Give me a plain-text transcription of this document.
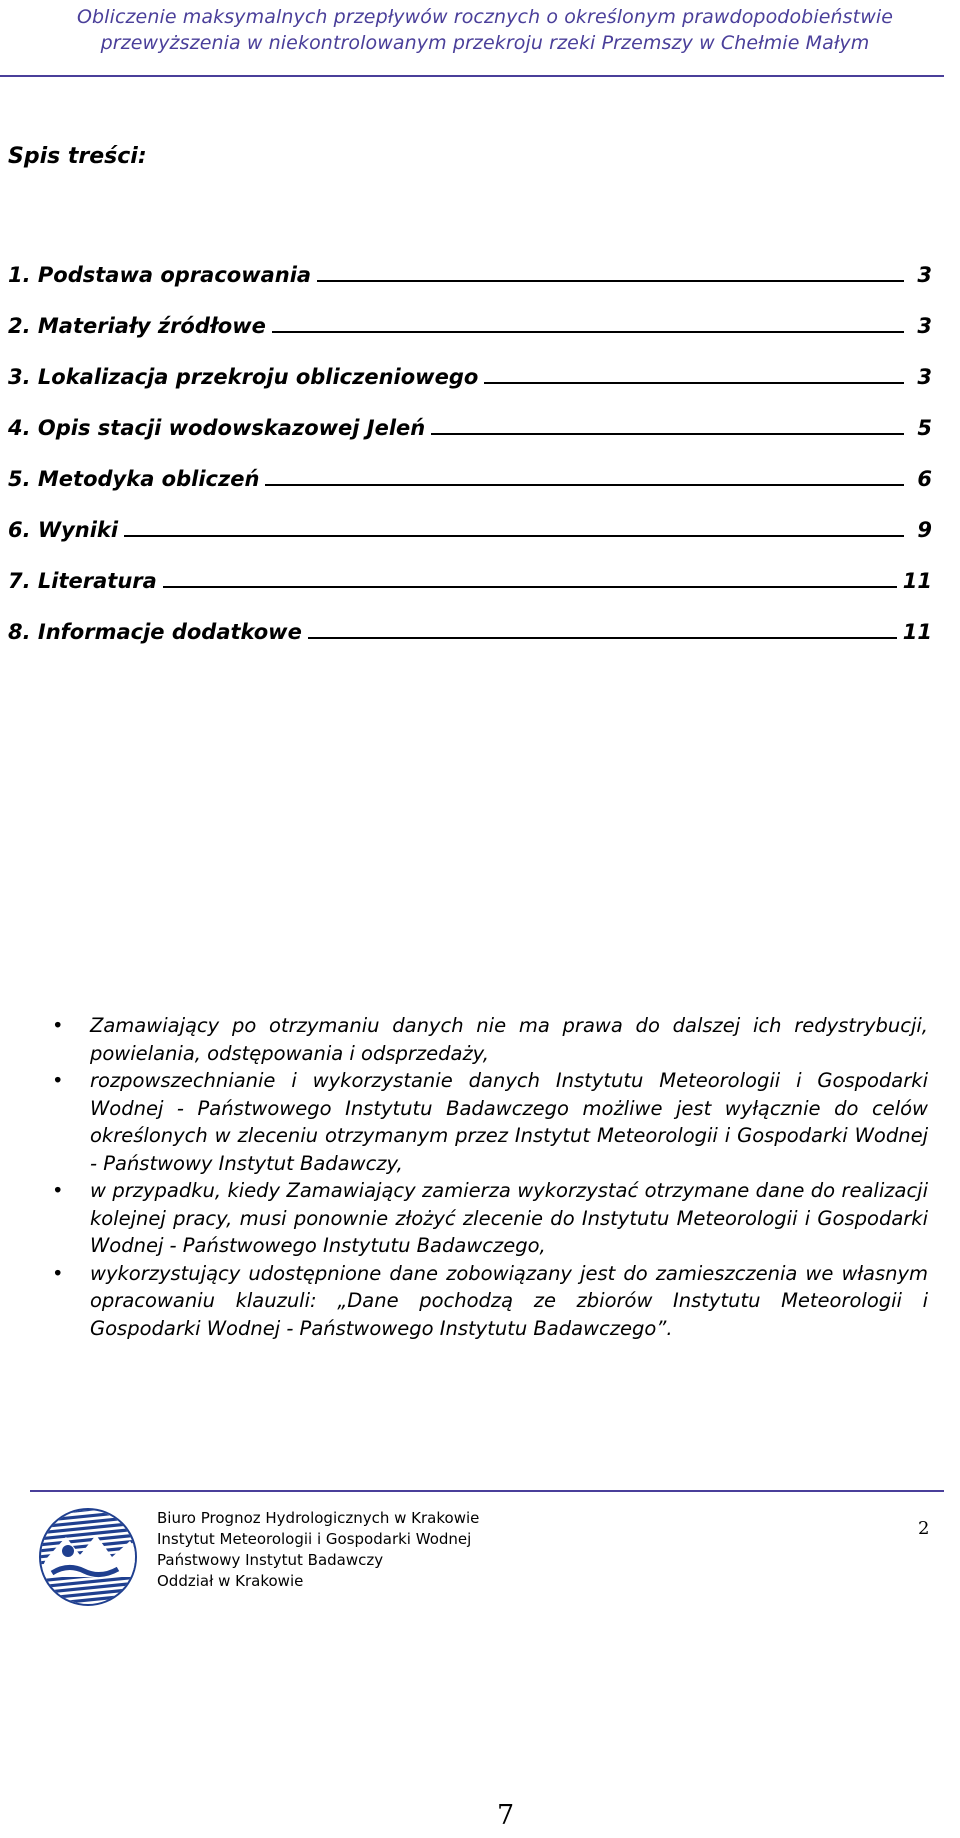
Obliczenie maksymalnych przepływów rocznych o określonym prawdopodobieństwie
przewyższenia w niekontrolowanym przekroju rzeki Przemszy w Chełmie Małym
Spis treści:
1. Podstawa opracowania	3
2. Materiały źródłowe	3
3. Lokalizacja przekroju obliczeniowego	3
4. Opis stacji wodowskazowej Jeleń	5
5. Metodyka obliczeń	6
6. Wyniki	9
7. Literatura	11
8. Informacje dodatkowe	11
• Zamawiający po otrzymaniu danych nie ma prawa do dalszej ich redystrybucji, powielania, odstępowania i odsprzedaży,
• rozpowszechnianie i wykorzystanie danych Instytutu Meteorologii i Gospodarki Wodnej - Państwowego Instytutu Badawczego możliwe jest wyłącznie do celów określonych w zleceniu otrzymanym przez Instytut Meteorologii i Gospodarki Wodnej - Państwowy Instytut Badawczy,
• w przypadku, kiedy Zamawiający zamierza wykorzystać otrzymane dane do realizacji kolejnej pracy, musi ponownie złożyć zlecenie do Instytutu Meteorologii i Gospodarki Wodnej - Państwowego Instytutu Badawczego,
• wykorzystujący udostępnione dane zobowiązany jest do zamieszczenia we własnym opracowaniu klauzuli: „Dane pochodzą ze zbiorów Instytutu Meteorologii i Gospodarki Wodnej - Państwowego Instytutu Badawczego”.
Biuro Prognoz Hydrologicznych w Krakowie
Instytut Meteorologii i Gospodarki Wodnej
Państwowy Instytut Badawczy
Oddział w Krakowie
2
7
